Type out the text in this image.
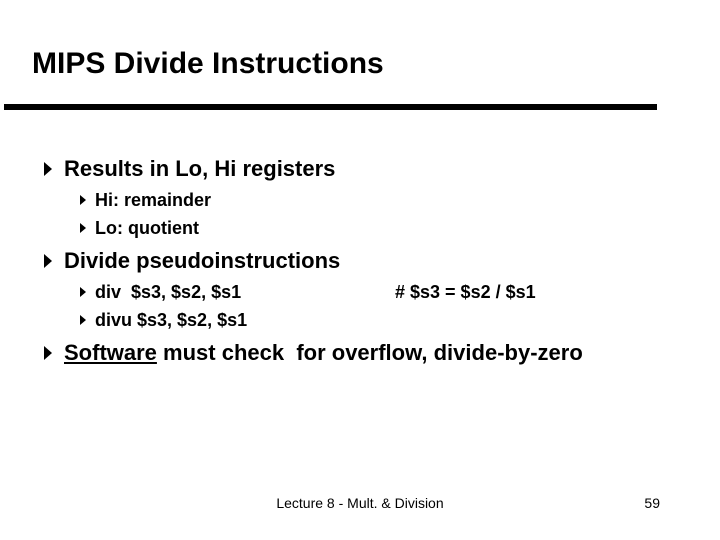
MIPS Divide Instructions
Results in Lo, Hi registers
Hi: remainder
Lo: quotient
Divide pseudoinstructions
div  $s3, $s2, $s1	# $s3 = $s2 / $s1
divu $s3, $s2, $s1
Software must check  for overflow, divide-by-zero
Lecture 8 - Mult. & Division	59
